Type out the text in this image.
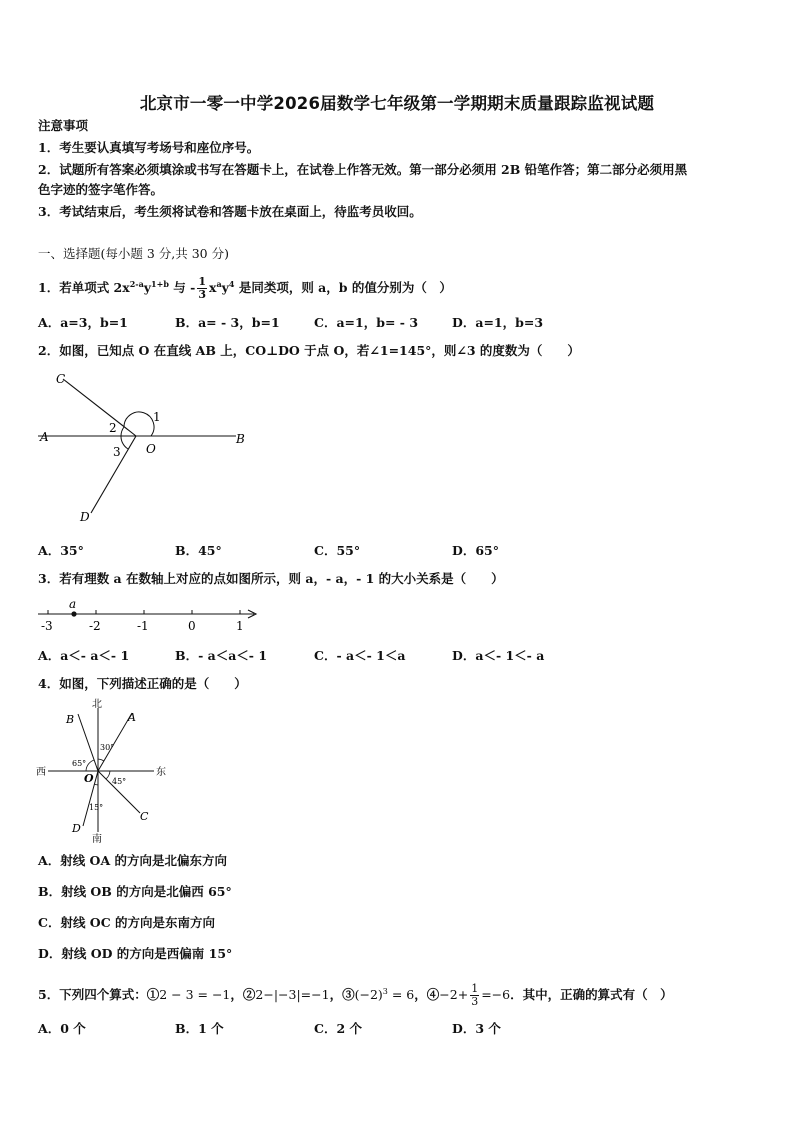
北京市一零一中学2026届数学七年级第一学期期末质量跟踪监视试题
注意事项
1．考生要认真填写考场号和座位序号。
2．试题所有答案必须填涂或书写在答题卡上，在试卷上作答无效。第一部分必须用 2B 铅笔作答；第二部分必须用黑
色字迹的签字笔作答。
3．考试结束后，考生须将试卷和答题卡放在桌面上，待监考员收回。
一、选择题(每小题 3 分,共 30 分)
1．若单项式 $2x^{2-a}y^{1+b}$ 与 - $\frac{1}{3} x^ay^4$ 是同类项，则 a，b 的值分别为（　）
A．a=3，b=1	B．a= - 3，b=1	C．a=1，b= - 3	D．a=1，b=3
2．如图，已知点 O 在直线 AB 上，CO⊥DO 于点 O，若∠1=145°，则∠3 的度数为（　　）
C
A	B
D
O
1
2
3
A．35°	B．45°	C．55°	D．65°
3．若有理数 a 在数轴上对应的点如图所示，则 a，- a，- 1 的大小关系是（　　）
a
-3	-2	-1	0	1
A．a＜- a＜- 1	B．- a＜a＜- 1	C．- a＜- 1＜a	D．a＜- 1＜- a
4．如图，下列描述正确的是（　　）
北
南
西	东
A
B
C
D
O
30°
65°
45°
15°
A．射线 OA 的方向是北偏东方向
B．射线 OB 的方向是北偏西 65°
C．射线 OC 的方向是东南方向
D．射线 OD 的方向是西偏南 15°
5．下列四个算式：①2 − 3 = −1，②2−|−3|=−1，$③(-2)^3 = 6$，④−2+ $\frac{1}{3} =-6$．其中，正确的算式有（　）
A．0 个	B．1 个	C．2 个	D．3 个
